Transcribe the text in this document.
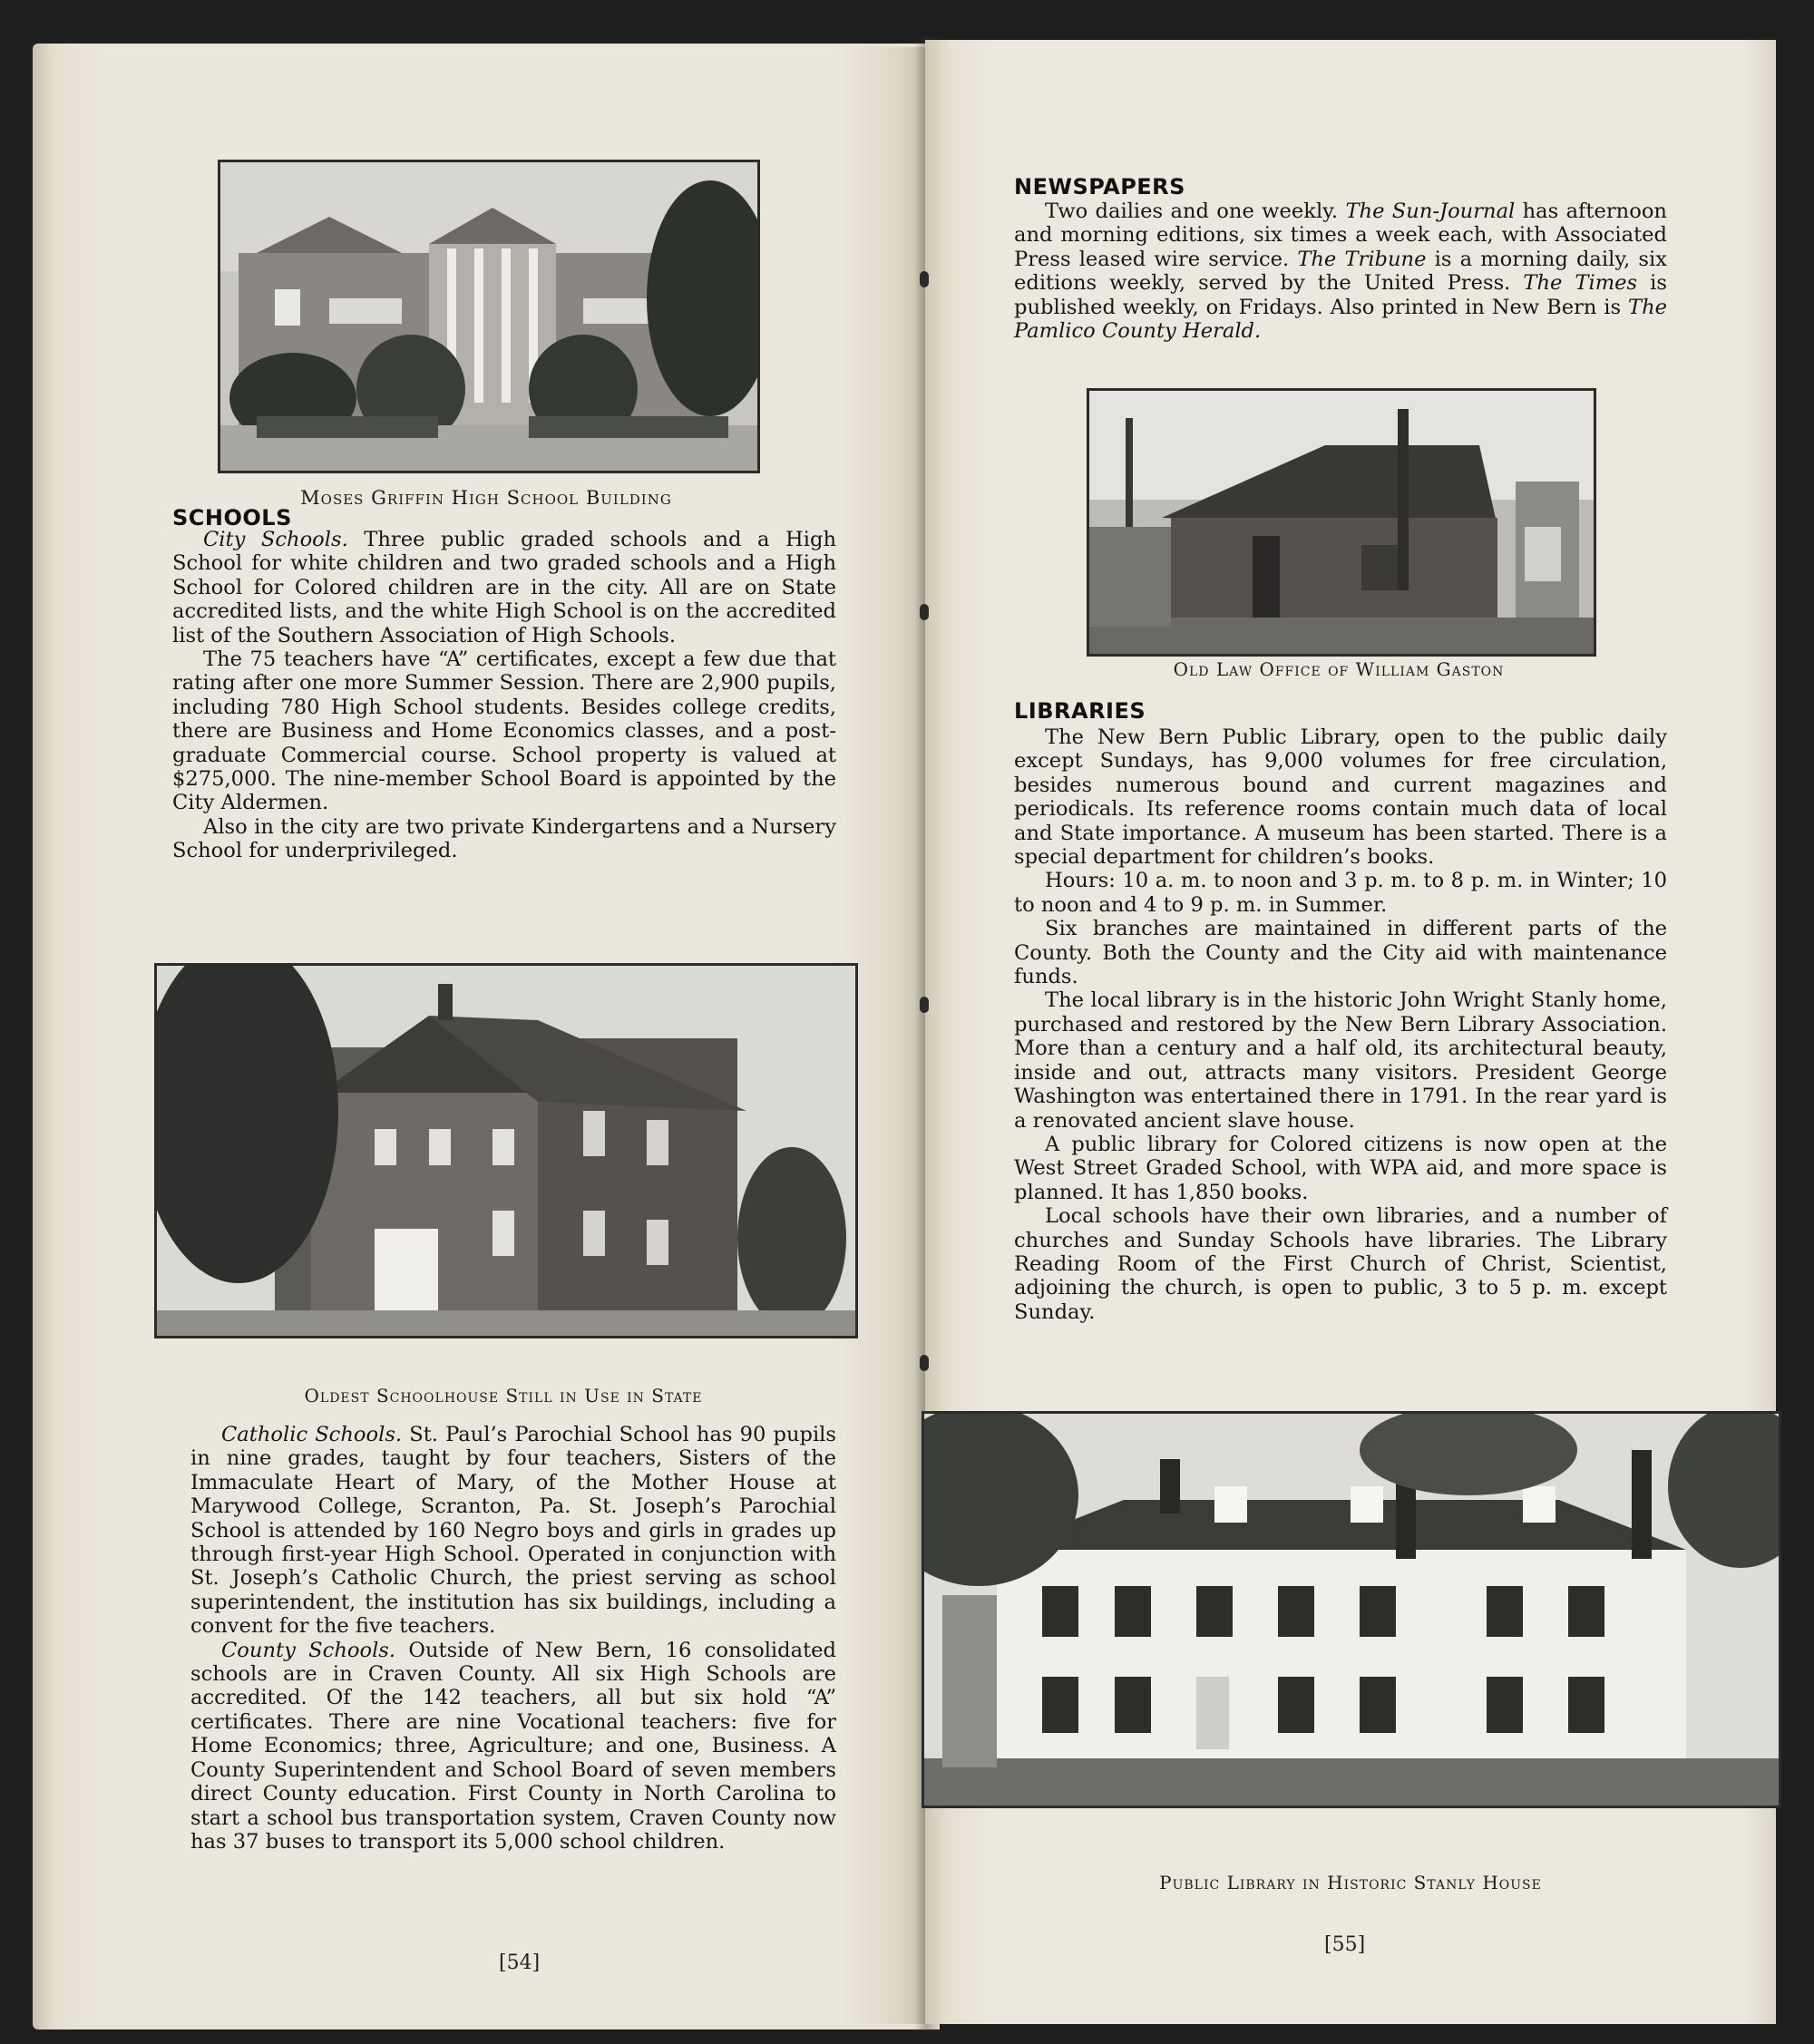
Moses Griffin High School Building
SCHOOLS

City Schools. Three public graded schools and a High School for white children and two graded schools and a High School for Colored children are in the city. All are on State accredited lists, and the white High School is on the accredited list of the Southern Association of High Schools.

The 75 teachers have “A” certificates, except a few due that rating after one more Summer Session. There are 2,900 pupils, including 780 High School students. Besides college credits, there are Business and Home Economics classes, and a post-graduate Commercial course. School property is valued at $275,000. The nine-member School Board is appointed by the City Aldermen.

Also in the city are two private Kindergartens and a Nursery School for underprivileged.

Oldest Schoolhouse Still in Use in State

Catholic Schools. St. Paul’s Parochial School has 90 pupils in nine grades, taught by four teachers, Sisters of the Immaculate Heart of Mary, of the Mother House at Marywood College, Scranton, Pa. St. Joseph’s Parochial School is attended by 160 Negro boys and girls in grades up through first-year High School. Operated in conjunction with St. Joseph’s Catholic Church, the priest serving as school superintendent, the institution has six buildings, including a convent for the five teachers.

County Schools. Outside of New Bern, 16 consolidated schools are in Craven County. All six High Schools are accredited. Of the 142 teachers, all but six hold “A” certificates. There are nine Vocational teachers: five for Home Economics; three, Agriculture; and one, Business. A County Superintendent and School Board of seven members direct County education. First County in North Carolina to start a school bus transportation system, Craven County now has 37 buses to transport its 5,000 school children.

[54]
NEWSPAPERS

Two dailies and one weekly. The Sun-Journal has afternoon and morning editions, six times a week each, with Associated Press leased wire service. The Tribune is a morning daily, six editions weekly, served by the United Press. The Times is published weekly, on Fridays. Also printed in New Bern is The Pamlico County Herald.

Old Law Office of William Gaston
LIBRARIES

The New Bern Public Library, open to the public daily except Sundays, has 9,000 volumes for free circulation, besides numerous bound and current magazines and periodicals. Its reference rooms contain much data of local and State importance. A museum has been started. There is a special department for children’s books.

Hours: 10 a. m. to noon and 3 p. m. to 8 p. m. in Winter; 10 to noon and 4 to 9 p. m. in Summer.

Six branches are maintained in different parts of the County. Both the County and the City aid with maintenance funds.

The local library is in the historic John Wright Stanly home, purchased and restored by the New Bern Library Association. More than a century and a half old, its architectural beauty, inside and out, attracts many visitors. President George Washington was entertained there in 1791. In the rear yard is a renovated ancient slave house.

A public library for Colored citizens is now open at the West Street Graded School, with WPA aid, and more space is planned. It has 1,850 books.

Local schools have their own libraries, and a number of churches and Sunday Schools have libraries. The Library Reading Room of the First Church of Christ, Scientist, adjoining the church, is open to public, 3 to 5 p. m. except Sunday.

Public Library in Historic Stanly House
[55]
